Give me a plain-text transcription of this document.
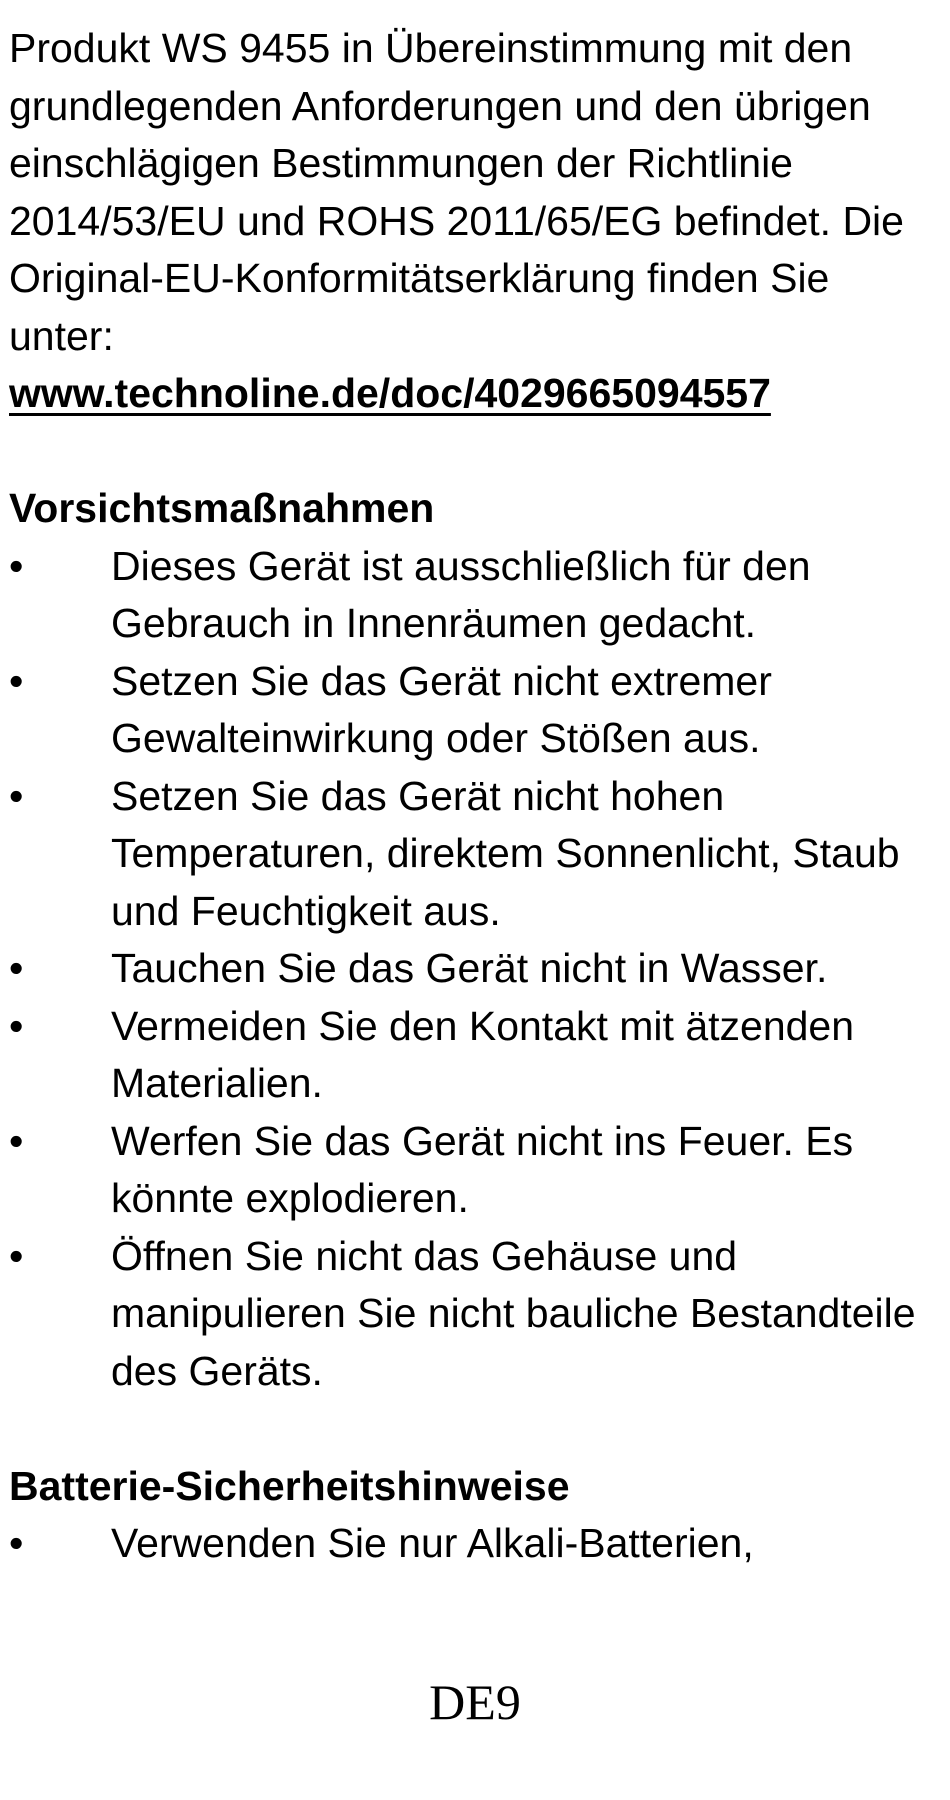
Produkt WS 9455 in Übereinstimmung mit den grundlegenden Anforderungen und den übrigen einschlägigen Bestimmungen der Richtlinie 2014/53/EU und ROHS 2011/65/EG befindet. Die Original-EU-Konformitätserklärung finden Sie unter:
www.technoline.de/doc/4029665094557

Vorsichtsmaßnahmen
•	Dieses Gerät ist ausschließlich für den Gebrauch in Innenräumen gedacht.
•	Setzen Sie das Gerät nicht extremer Gewalteinwirkung oder Stößen aus.
•	Setzen Sie das Gerät nicht hohen Temperaturen, direktem Sonnenlicht, Staub und Feuchtigkeit aus.
•	Tauchen Sie das Gerät nicht in Wasser.
•	Vermeiden Sie den Kontakt mit ätzenden Materialien.
•	Werfen Sie das Gerät nicht ins Feuer. Es könnte explodieren.
•	Öffnen Sie nicht das Gehäuse und manipulieren Sie nicht bauliche Bestandteile des Geräts.
Batterie-Sicherheitshinweise
•	Verwenden Sie nur Alkali-Batterien,
DE9
